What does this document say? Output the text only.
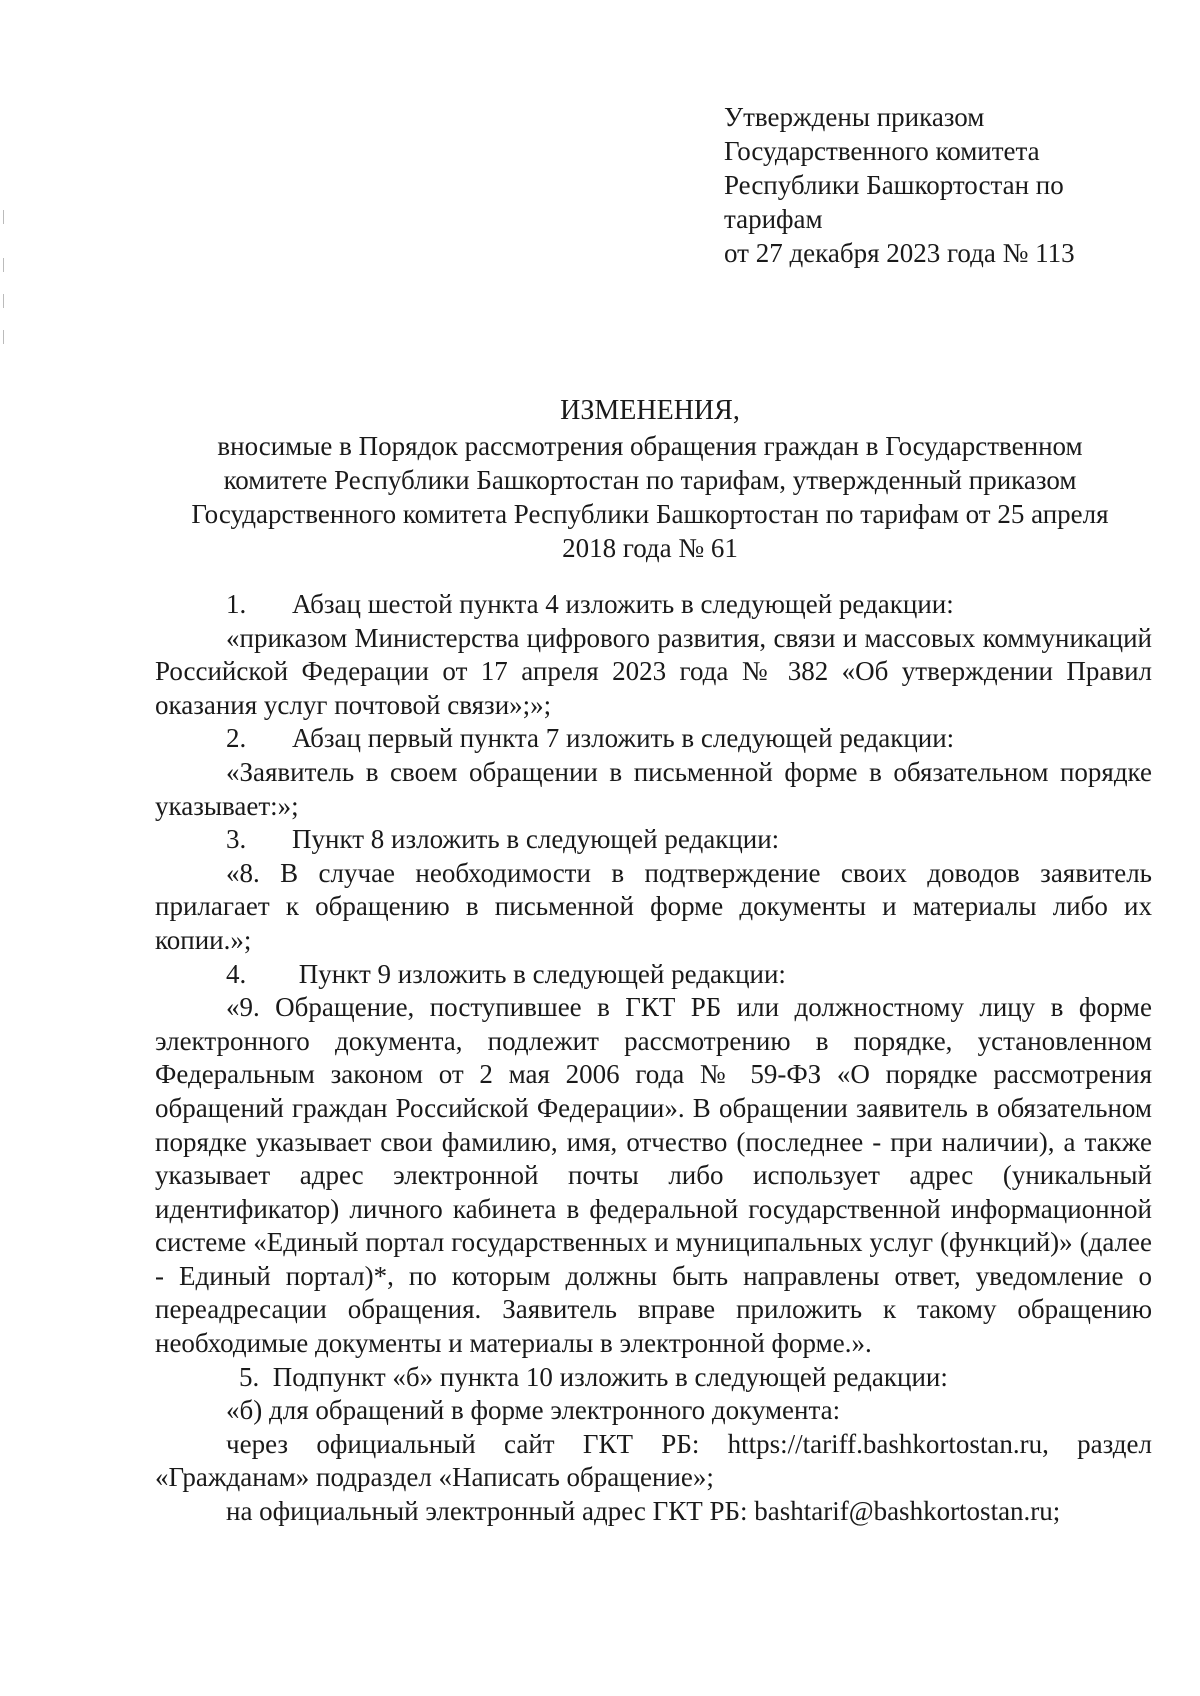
Утверждены приказом
Государственного комитета
Республики Башкортостан по
тарифам
от 27 декабря 2023 года № 113
ИЗМЕНЕНИЯ,
вносимые в Порядок рассмотрения обращения граждан в Государственном
комитете Республики Башкортостан по тарифам, утвержденный приказом
Государственного комитета Республики Башкортостан по тарифам от 25 апреля
2018 года № 61

1. Абзац шестой пункта 4 изложить в следующей редакции:

«приказом Министерства цифрового развития, связи и массовых коммуникаций Российской Федерации от 17 апреля 2023 года № 382 «Об утверждении Правил оказания услуг почтовой связи»;»;

2. Абзац первый пункта 7 изложить в следующей редакции:

«Заявитель в своем обращении в письменной форме в обязательном порядке указывает:»;

3. Пункт 8 изложить в следующей редакции:

«8. В случае необходимости в подтверждение своих доводов заявитель прилагает к обращению в письменной форме документы и материалы либо их копии.»;

4. Пункт 9 изложить в следующей редакции:

«9. Обращение, поступившее в ГКТ РБ или должностному лицу в форме электронного документа, подлежит рассмотрению в порядке, установленном Федеральным законом от 2 мая 2006 года № 59-ФЗ «О порядке рассмотрения обращений граждан Российской Федерации». В обращении заявитель в обязательном порядке указывает свои фамилию, имя, отчество (последнее - при наличии), а также указывает адрес электронной почты либо использует адрес (уникальный идентификатор) личного кабинета в федеральной государственной информационной системе «Единый портал государственных и муниципальных услуг (функций)» (далее - Единый портал)*, по которым должны быть направлены ответ, уведомление о переадресации обращения. Заявитель вправе приложить к такому обращению необходимые документы и материалы в электронной форме.».

5. Подпункт «б» пункта 10 изложить в следующей редакции:

«б) для обращений в форме электронного документа:

через официальный сайт ГКТ РБ: https://tariff.bashkortostan.ru, раздел «Гражданам» подраздел «Написать обращение»;

на официальный электронный адрес ГКТ РБ: bashtarif@bashkortostan.ru;
